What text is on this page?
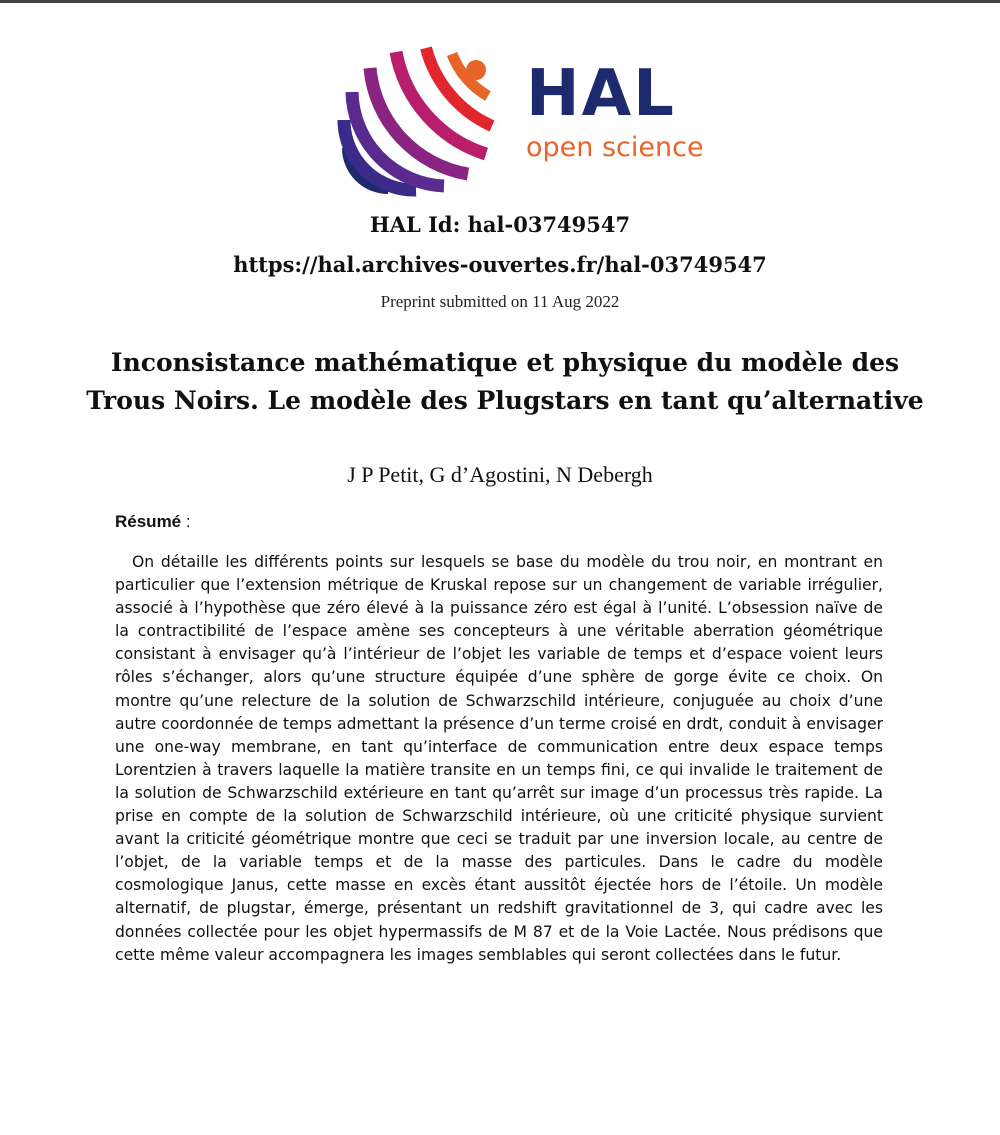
HAL
open science
HAL Id: hal-03749547
https://hal.archives-ouvertes.fr/hal-03749547
Preprint submitted on 11 Aug 2022
Inconsistance mathématique et physique du modèle des Trous Noirs. Le modèle des Plugstars en tant qu’alternative
J P Petit, G d’Agostini, N Debergh
Résumé :

On détaille les différents points sur lesquels se base du modèle du trou noir, en montrant en particulier que l’extension métrique de Kruskal repose sur un changement de variable irrégulier, associé à l’hypothèse que zéro élevé à la puissance zéro est égal à l’unité. L’obsession naïve de la contractibilité de l’espace amène ses concepteurs à une véritable aberration géométrique consistant à envisager qu’à l’intérieur de l’objet les variable de temps et d’espace voient leurs rôles s’échanger, alors qu’une structure équipée d’une sphère de gorge évite ce choix. On montre qu’une relecture de la solution de Schwarzschild intérieure, conjuguée au choix d’une autre coordonnée de temps admettant la présence d’un terme croisé en drdt, conduit à envisager une one-way membrane, en tant qu’interface de communication entre deux espace temps Lorentzien à travers laquelle la matière transite en un temps fini, ce qui invalide le traitement de la solution de Schwarzschild extérieure en tant qu’arrêt sur image d’un processus très rapide. La prise en compte de la solution de Schwarzschild intérieure, où une criticité physique survient avant la criticité géométrique montre que ceci se traduit par une inversion locale, au centre de l’objet, de la variable temps et de la masse des particules. Dans le cadre du modèle cosmologique Janus, cette masse en excès étant aussitôt éjectée hors de l’étoile. Un modèle alternatif, de plugstar, émerge, présentant un redshift gravitationnel de 3, qui cadre avec les données collectée pour les objet hypermassifs de M 87 et de la Voie Lactée. Nous prédisons que cette même valeur accompagnera les images semblables qui seront collectées dans le futur.
